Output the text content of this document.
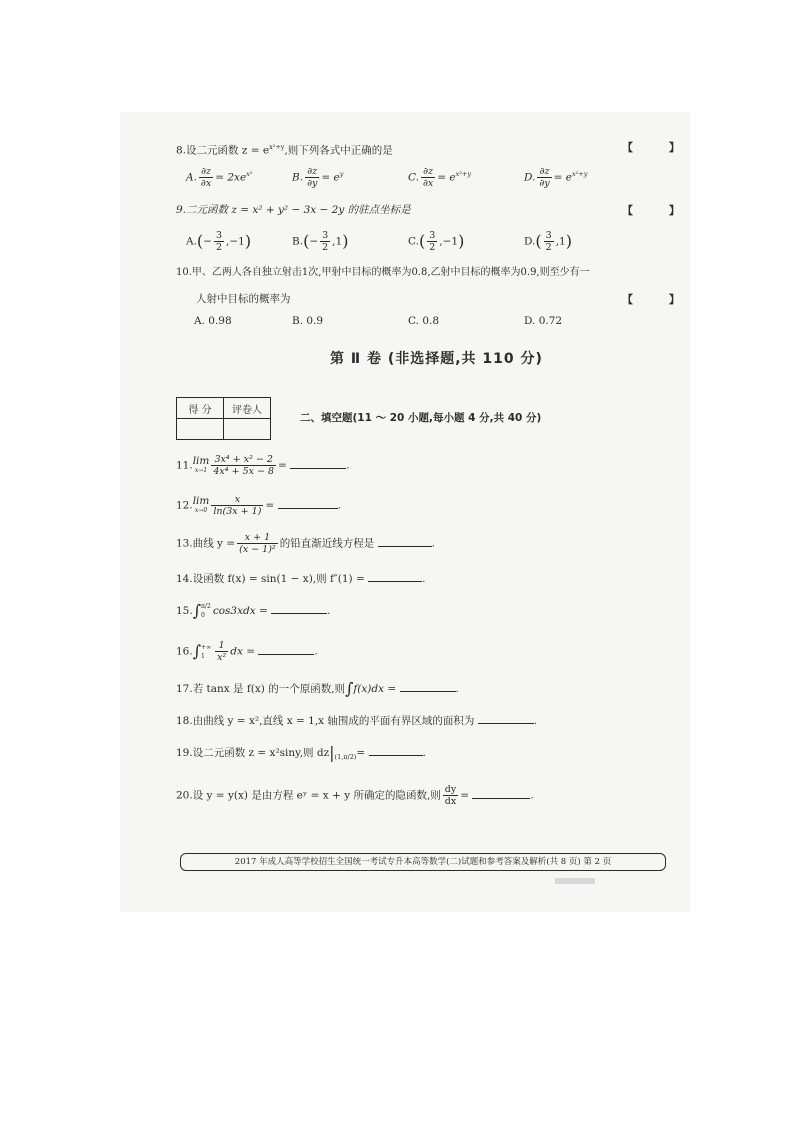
8.设二元函数 $z = e^{x^2+y}$,则下列各式中正确的是	【 】
A. $\frac{\partial z}{\partial x} = 2xe^{x^2}$	B. $\frac{\partial z}{\partial y} = e^y$	C. $\frac{\partial z}{\partial x} = e^{x^2+y}$	D. $\frac{\partial z}{\partial y} = e^{x^2+y}$
9.二元函数 z = x² + y² − 3x − 2y 的驻点坐标是	【 】
$A.(- \frac{3}{2} ,-1)$	$B.(- \frac{3}{2} ,1)$	$C.( \frac{3}{2} ,-1)$	$D.( \frac{3}{2} ,1)$
10.甲、乙两人各自独立射击1次,甲射中目标的概率为0.8,乙射中目标的概率为0.9,则至少有一
人射中目标的概率为	【 】
A. 0.98	B. 0.9	C. 0.8	D. 0.72
第 Ⅱ 卷 (非选择题,共 110 分)
得 分	评卷人

二、填空题(11 ～ 20 小题,每小题 4 分,共 40 分)
11. lim
$x\to 1 \frac{\text{3x⁴ + x² − 2}}{\text{4x⁴ + 5x − 8}}$ =	.
12. lim
$x\to 0 \frac{x}{\ln(3x + 1)}$ =	.
13.曲线 $y = \frac{x + 1}{\text{(x − 1)²}}$ 的铅直渐近线方程是	.
14.设函数 f(x) = sin(1 − x),则 f″(1) =	.
15.∫ π/2
0 cos3xdx =	.
16.∫ +∞
1	$\frac{1}{\text{x²}}$ dx =	.
17.若 tanx 是 f(x) 的一个原函数,则∫f(x)dx =	.
18.由曲线 y = x²,直线 x = 1,x 轴围成的平面有界区域的面积为	.
19.设二元函数 z = x²siny,则 $dz|_{(1,\pi/2)}=$	.
20.设 y = y(x) 是由方程 eʸ = x + y 所确定的隐函数,则 $\frac{dy}{dx}$ =	.
2017 年成人高等学校招生全国统一考试专升本高等数学(二)试题和参考答案及解析(共 8 页) 第 2 页
